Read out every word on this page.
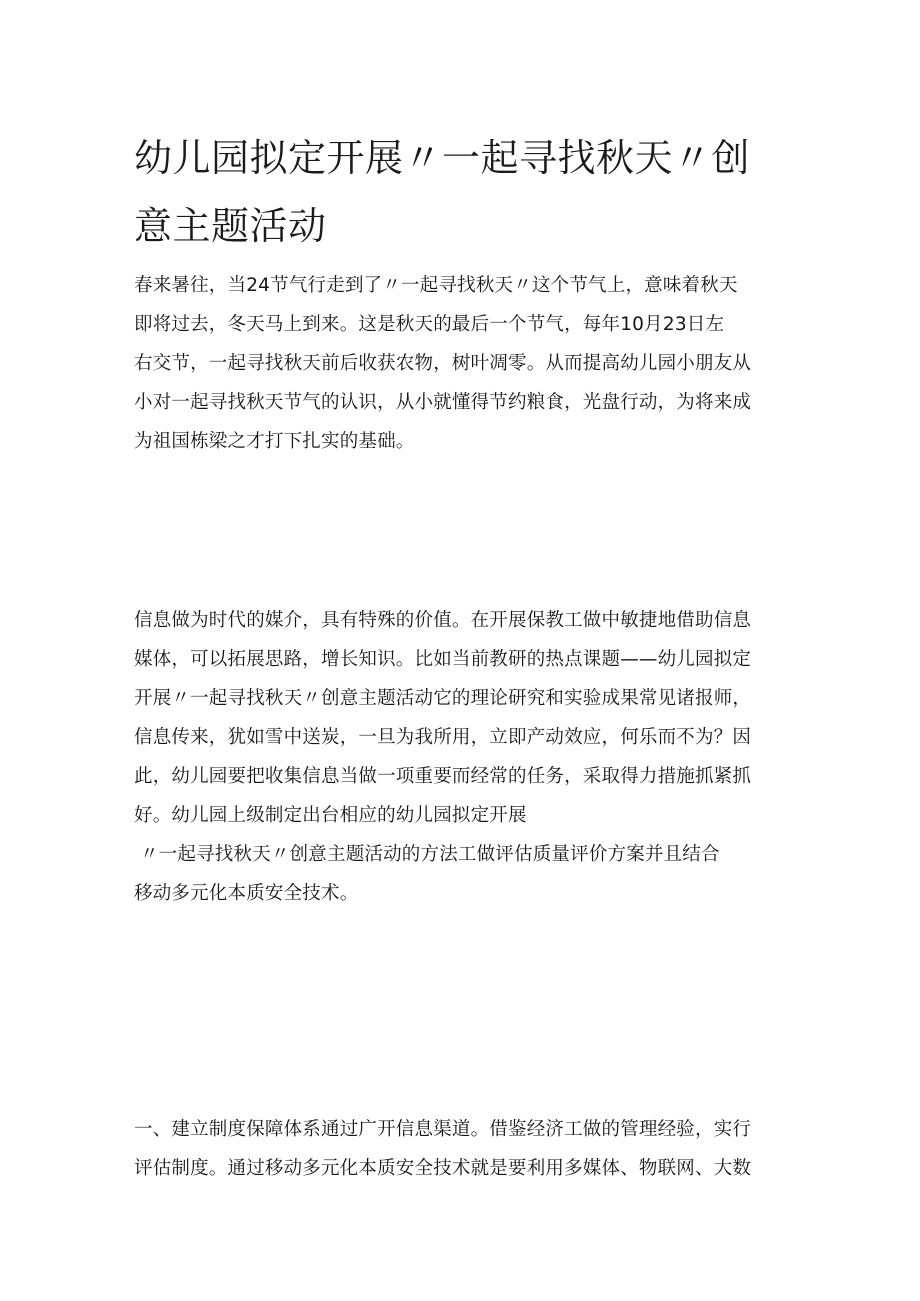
幼儿园拟定开展〃一起寻找秋天〃创
意主题活动

春来暑往，当24节气行走到了〃一起寻找秋天〃这个节气上，意味着秋天
即将过去，冬天马上到来。这是秋天的最后一个节气，每年10月23日左
右交节，一起寻找秋天前后收获农物，树叶凋零。从而提高幼儿园小朋友从
小对一起寻找秋天节气的认识，从小就懂得节约粮食，光盘行动，为将来成
为祖国栋梁之才打下扎实的基础。

信息做为时代的媒介，具有特殊的价值。在开展保教工做中敏捷地借助信息
媒体，可以拓展思路，增长知识。比如当前教研的热点课题——幼儿园拟定
开展〃一起寻找秋天〃创意主题活动它的理论研究和实验成果常见诸报师，
信息传来，犹如雪中送炭，一旦为我所用，立即产动效应，何乐而不为？因
此，幼儿园要把收集信息当做一项重要而经常的任务，采取得力措施抓紧抓
好。幼儿园上级制定出台相应的幼儿园拟定开展
〃一起寻找秋天〃创意主题活动的方法工做评估质量评价方案并且结合
移动多元化本质安全技术。

一、建立制度保障体系通过广开信息渠道。借鉴经济工做的管理经验，实行
评估制度。通过移动多元化本质安全技术就是要利用多媒体、物联网、大数
